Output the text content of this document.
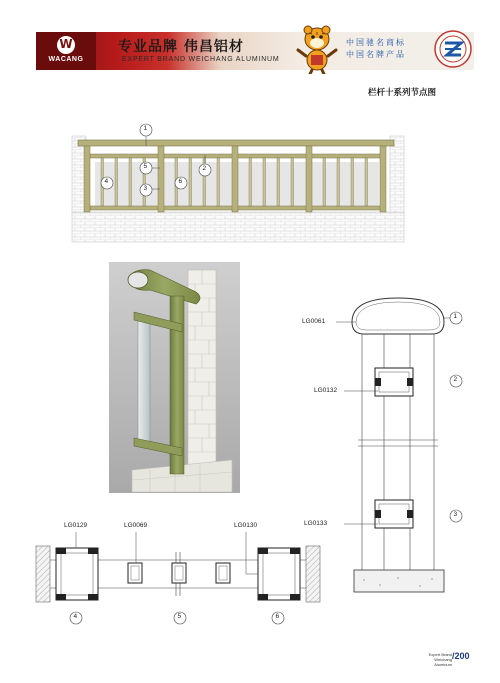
W
WACANG
专业品牌 伟昌铝材
EXPERT BRAND WEICHANG ALUMINUM
中国驰名商标
中国名牌产品
栏杆十系列节点图
1
2
3
4
5
6
1
2
3
4	5	6
LG0061
LG0132
LG0133
LG0129	LG0069	LG0130
Expert Brand
Weichang Aluminum
/200
